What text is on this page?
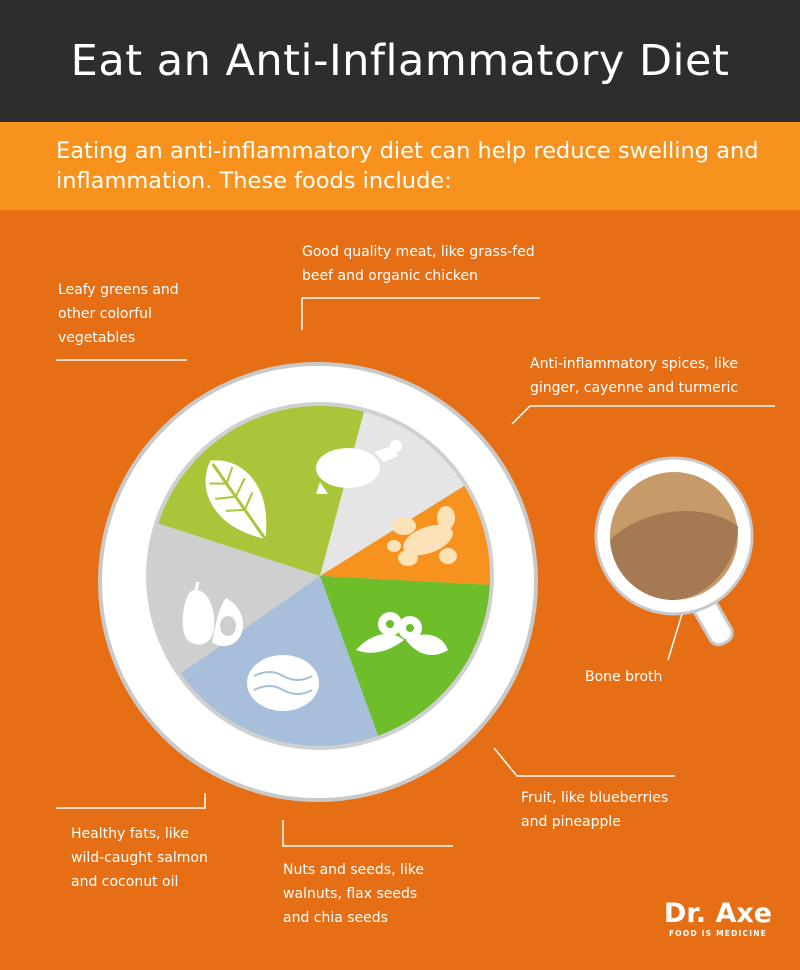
Eat an Anti-Inflammatory Diet

Eating an anti-inflammatory diet can help reduce swelling and inflammation. These foods include:

Good quality meat, like grass-fed
beef and organic chicken
Leafy greens and
other colorful
vegetables
Anti-inflammatory spices, like
ginger, cayenne and turmeric
Bone broth
Fruit, like blueberries
and pineapple
Healthy fats, like
wild-caught salmon
and coconut oil
Nuts and seeds, like
walnuts, flax seeds
and chia seeds	Dr. Axe
FOOD IS MEDICINE
